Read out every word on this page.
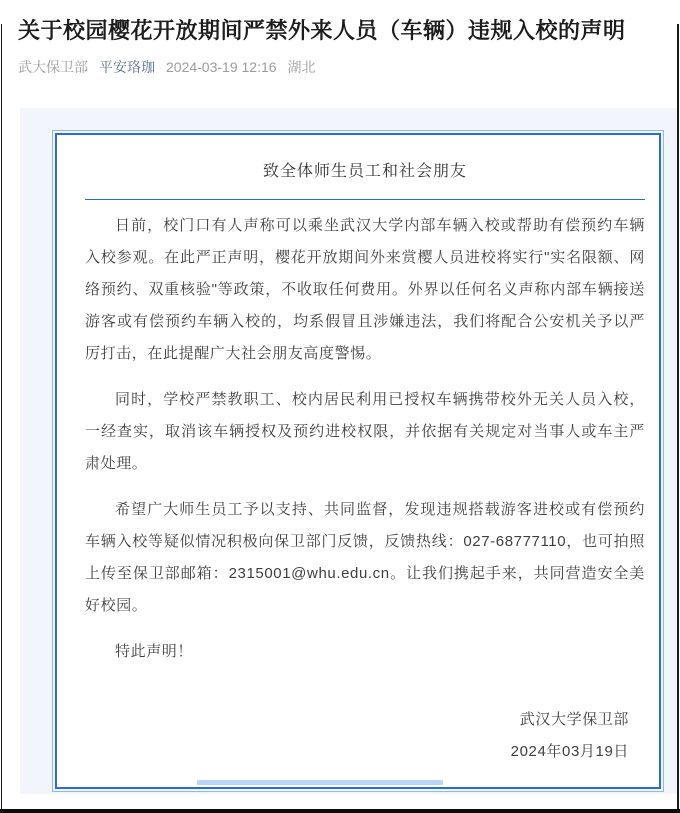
关于校园樱花开放期间严禁外来人员（车辆）违规入校的声明
武大保卫部 平安珞珈 2024-03-19 12:16 湖北
致全体师生员工和社会朋友

日前，校门口有人声称可以乘坐武汉大学内部车辆入校或帮助有偿预约车辆入校参观。在此严正声明，樱花开放期间外来赏樱人员进校将实行"实名限额、网络预约、双重核验"等政策，不收取任何费用。外界以任何名义声称内部车辆接送游客或有偿预约车辆入校的，均系假冒且涉嫌违法，我们将配合公安机关予以严厉打击，在此提醒广大社会朋友高度警惕。

同时，学校严禁教职工、校内居民利用已授权车辆携带校外无关人员入校，一经查实，取消该车辆授权及预约进校权限，并依据有关规定对当事人或车主严肃处理。

希望广大师生员工予以支持、共同监督，发现违规搭载游客进校或有偿预约车辆入校等疑似情况积极向保卫部门反馈，反馈热线：027-68777110，也可拍照上传至保卫部邮箱：2315001@whu.edu.cn。让我们携起手来，共同营造安全美好校园。

特此声明！

武汉大学保卫部
2024年03月19日
